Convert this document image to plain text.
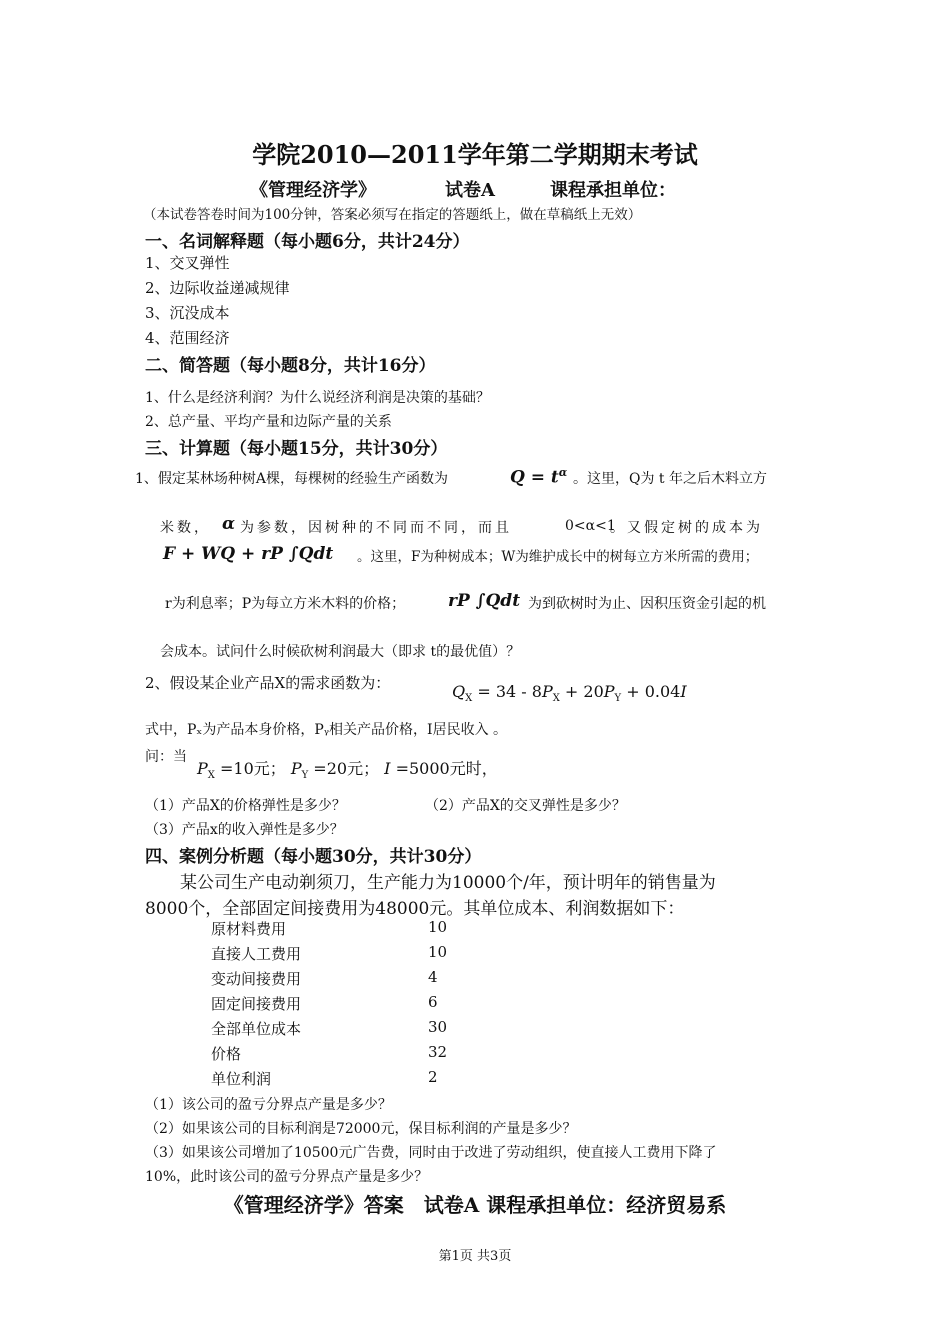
学院2010—2011学年第二学期期末考试
《管理经济学》	试卷A	课程承担单位：
（本试卷答卷时间为100分钟，答案必须写在指定的答题纸上，做在草稿纸上无效）
一、名词解释题（每小题6分，共计24分）
1、交叉弹性
2、边际收益递减规律
3、沉没成本
4、范围经济
二、简答题（每小题8分，共计16分）
1、什么是经济利润？为什么说经济利润是决策的基础？
2、总产量、平均产量和边际产量的关系
三、计算题（每小题15分，共计30分）
1、假定某林场种树A棵，每棵树的经验生产函数为	$Q = t^\alpha$ 。这里，Q为 t 年之后木料立方
米数， α 为参数，因树种的不同而不同，而且	0<α<1
。又假定树的成本为
F + WQ + rP ∫Qdt 。这里，F为种树成本；W为维护成长中的树每立方米所需的费用；
r为利息率；P为每立方米木料的价格；	rP ∫Qdt 为到砍树时为止、因积压资金引起的机
会成本。试问什么时候砍树利润最大（即求 t的最优值）？
2、假设某企业产品X的需求函数为：	$Q_X = 34 - 8P_X + 20P_Y + 0.04I$
式中，Pₓ为产品本身价格，Pᵧ相关产品价格，I居民收入 。
问：当
$P_X =10$元； $P_Y =20$元； I =5000元时，
（1）产品X的价格弹性是多少？	（2）产品X的交叉弹性是多少？
（3）产品x的收入弹性是多少？
四、案例分析题（每小题30分，共计30分）
某公司生产电动剃须刀，生产能力为10000个/年，预计明年的销售量为
8000个，全部固定间接费用为48000元。其单位成本、利润数据如下：
原材料费用	10
直接人工费用	10
变动间接费用	4
固定间接费用	6
全部单位成本	30
价格	32
单位利润	2
（1）该公司的盈亏分界点产量是多少？
（2）如果该公司的目标利润是72000元，保目标利润的产量是多少？
（3）如果该公司增加了10500元广告费，同时由于改进了劳动组织，使直接人工费用下降了
10%，此时该公司的盈亏分界点产量是多少？
《管理经济学》答案　试卷A 课程承担单位：经济贸易系
第1页 共3页
